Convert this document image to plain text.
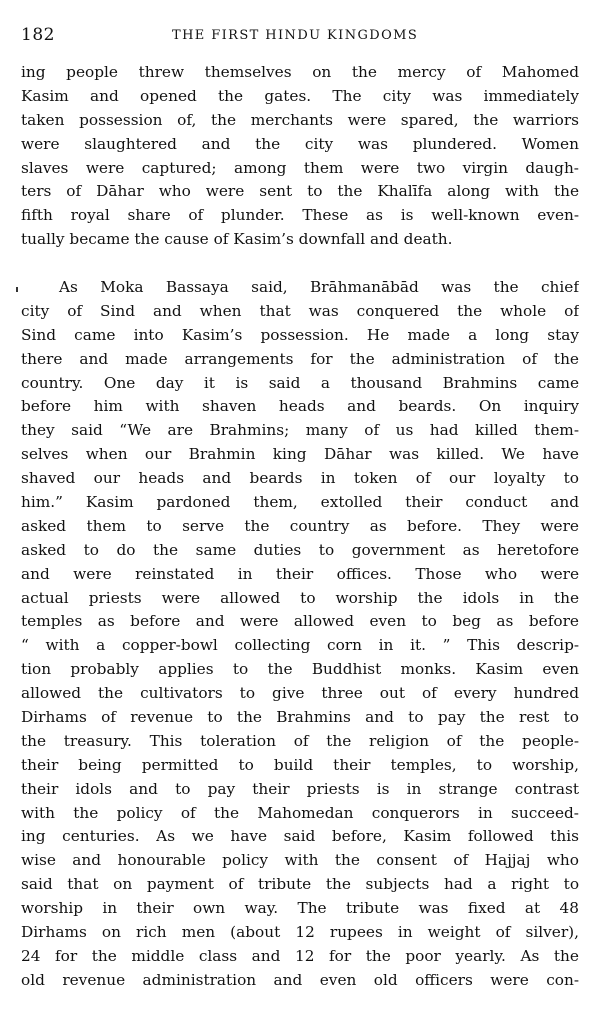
182	THE FIRST HINDU KINGDOMS
ing people threw themselves on the mercy of Mahomed
Kasim and opened the gates. The city was immediately
taken possession of, the merchants were spared, the warriors
were slaughtered and the city was plundered. Women
slaves were captured; among them were two virgin daugh-
ters of Dāhar who were sent to the Khalīfa along with the
fifth royal share of plunder. These as is well-known even-
tually became the cause of Kasim’s downfall and death.
As Moka Bassaya said, Brāhmanābād was the chief
city of Sind and when that was conquered the whole of
Sind came into Kasim’s possession. He made a long stay
there and made arrangements for the administration of the
country. One day it is said a thousand Brahmins came
before him with shaven heads and beards. On inquiry
they said “We are Brahmins; many of us had killed them-
selves when our Brahmin king Dāhar was killed. We have
shaved our heads and beards in token of our loyalty to
him.” Kasim pardoned them, extolled their conduct and
asked them to serve the country as before. They were
asked to do the same duties to government as heretofore
and were reinstated in their offices. Those who were
actual priests were allowed to worship the idols in the
temples as before and were allowed even to beg as before
“ with a copper-bowl collecting corn in it. ” This descrip-
tion probably applies to the Buddhist monks. Kasim even
allowed the cultivators to give three out of every hundred
Dirhams of revenue to the Brahmins and to pay the rest to
the treasury. This toleration of the religion of the people-
their being permitted to build their temples, to worship,
their idols and to pay their priests is in strange contrast
with the policy of the Mahomedan conquerors in succeed-
ing centuries. As we have said before, Kasim followed this
wise and honourable policy with the consent of Hajjaj who
said that on payment of tribute the subjects had a right to
worship in their own way. The tribute was fixed at 48
Dirhams on rich men (about 12 rupees in weight of silver),
24 for the middle class and 12 for the poor yearly. As the
old revenue administration and even old officers were con-
